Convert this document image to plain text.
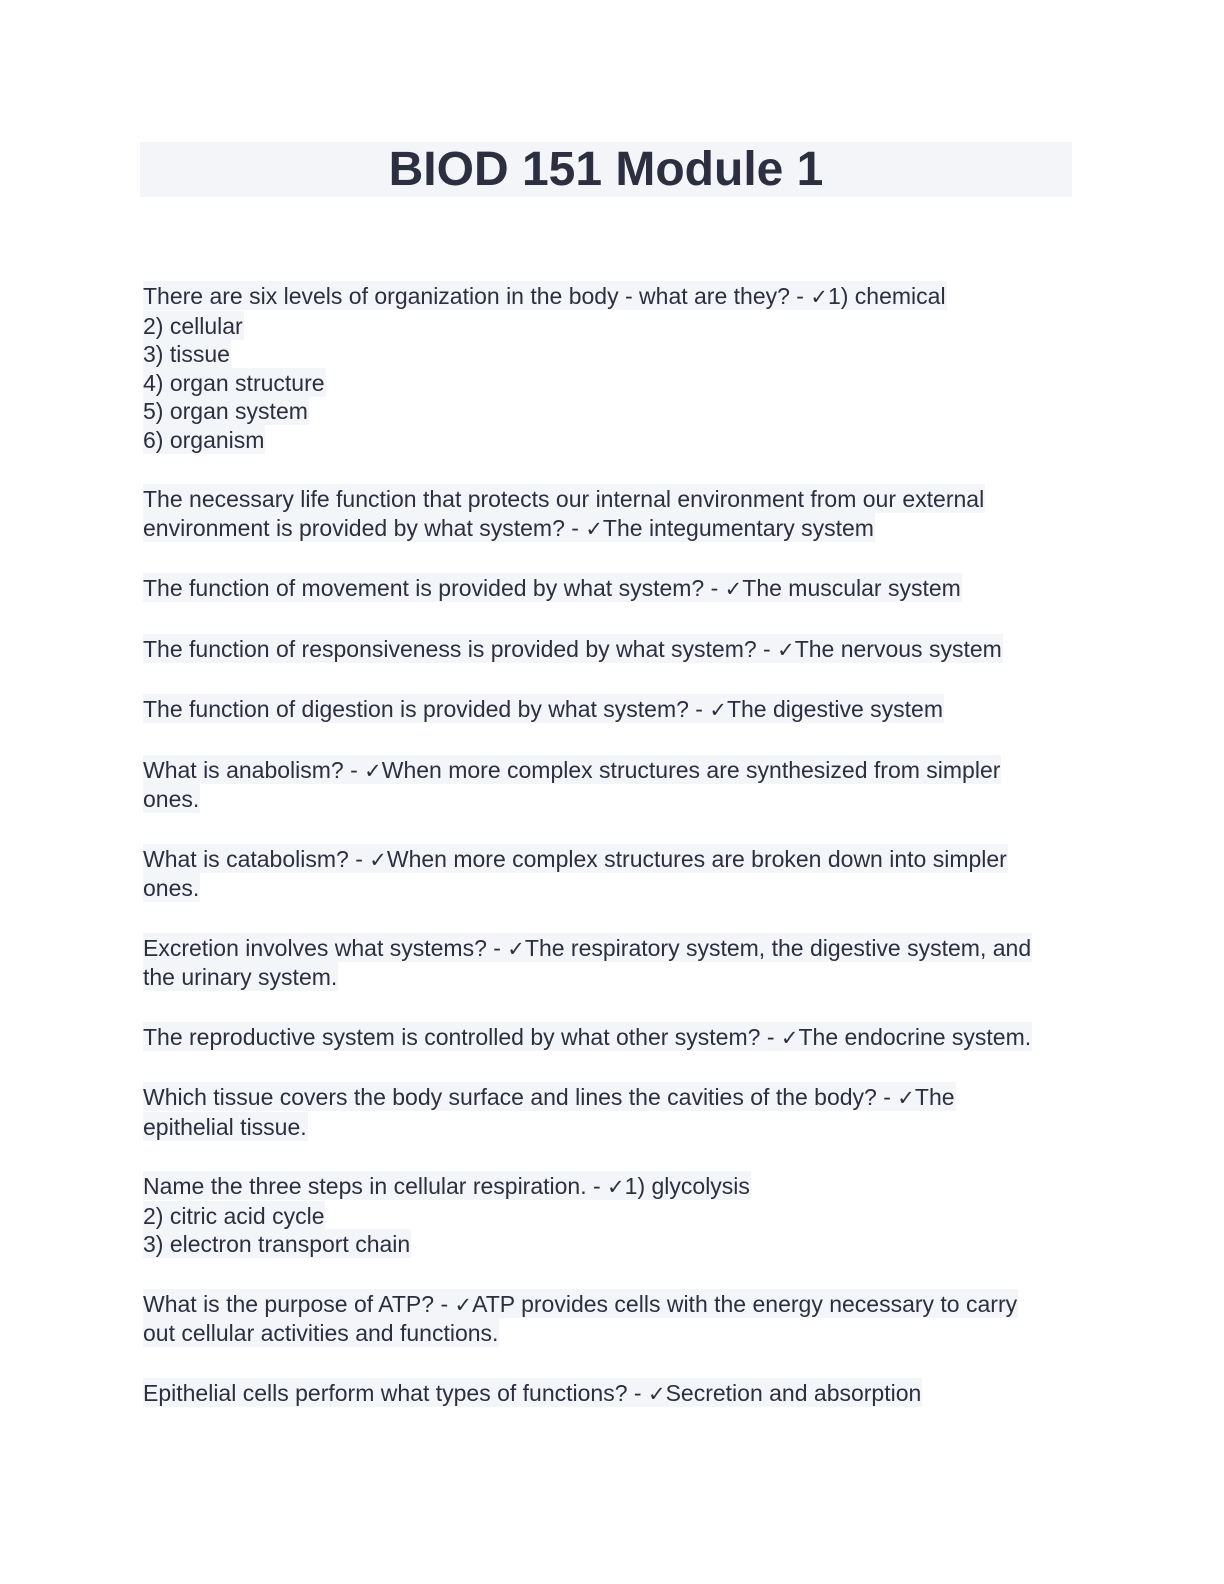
BIOD 151 Module 1
There are six levels of organization in the body - what are they? - ✓1) chemical
2) cellular
3) tissue
4) organ structure
5) organ system
6) organism
The necessary life function that protects our internal environment from our external
environment is provided by what system? - ✓The integumentary system
The function of movement is provided by what system? - ✓The muscular system
The function of responsiveness is provided by what system? - ✓The nervous system
The function of digestion is provided by what system? - ✓The digestive system
What is anabolism? - ✓When more complex structures are synthesized from simpler
ones.
What is catabolism? - ✓When more complex structures are broken down into simpler
ones.
Excretion involves what systems? - ✓The respiratory system, the digestive system, and
the urinary system.
The reproductive system is controlled by what other system? - ✓The endocrine system.
Which tissue covers the body surface and lines the cavities of the body? - ✓The
epithelial tissue.
Name the three steps in cellular respiration. - ✓1) glycolysis
2) citric acid cycle
3) electron transport chain
What is the purpose of ATP? - ✓ATP provides cells with the energy necessary to carry
out cellular activities and functions.
Epithelial cells perform what types of functions? - ✓Secretion and absorption
